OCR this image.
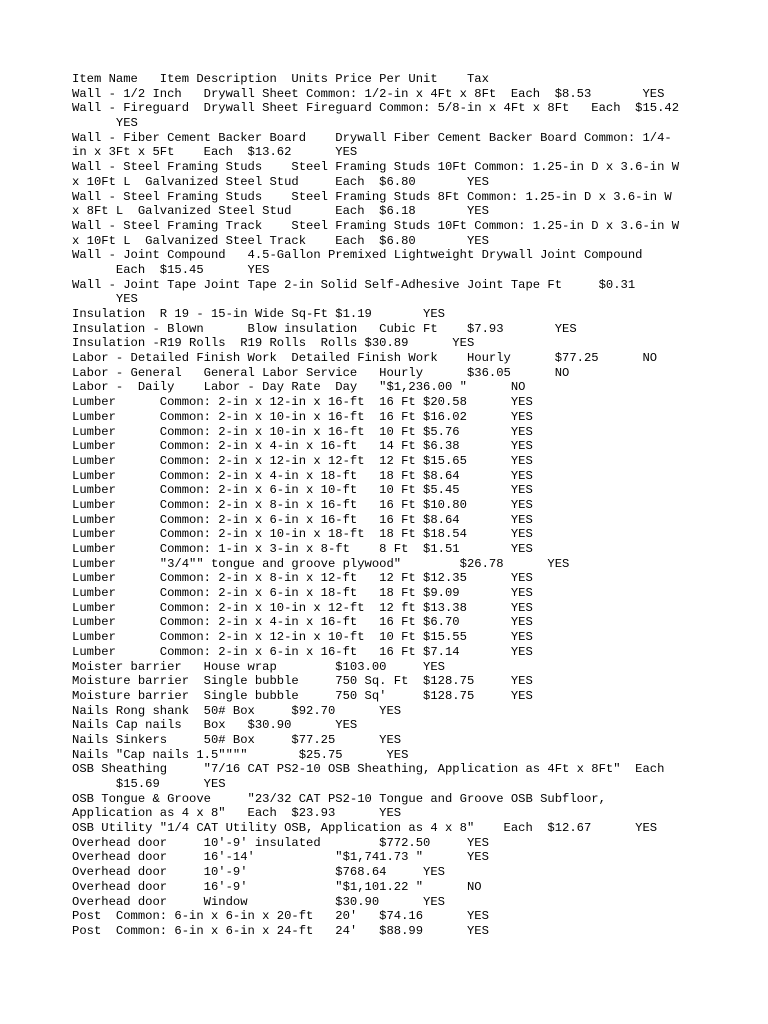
Item Name   Item Description  Units Price Per Unit    Tax
Wall - 1/2 Inch   Drywall Sheet Common: 1/2-in x 4Ft x 8Ft  Each  $8.53       YES
Wall - Fireguard  Drywall Sheet Fireguard Common: 5/8-in x 4Ft x 8Ft   Each  $15.42
YES
Wall - Fiber Cement Backer Board    Drywall Fiber Cement Backer Board Common: 1/4-
in x 3Ft x 5Ft    Each  $13.62      YES
Wall - Steel Framing Studs    Steel Framing Studs 10Ft Common: 1.25-in D x 3.6-in W
x 10Ft L  Galvanized Steel Stud     Each  $6.80       YES
Wall - Steel Framing Studs    Steel Framing Studs 8Ft Common: 1.25-in D x 3.6-in W
x 8Ft L  Galvanized Steel Stud      Each  $6.18       YES
Wall - Steel Framing Track    Steel Framing Studs 10Ft Common: 1.25-in D x 3.6-in W
x 10Ft L  Galvanized Steel Track    Each  $6.80       YES
Wall - Joint Compound   4.5-Gallon Premixed Lightweight Drywall Joint Compound
Each  $15.45      YES
Wall - Joint Tape Joint Tape 2-in Solid Self-Adhesive Joint Tape Ft     $0.31
YES
Insulation  R 19 - 15-in Wide Sq-Ft $1.19       YES
Insulation - Blown      Blow insulation   Cubic Ft    $7.93       YES
Insulation -R19 Rolls  R19 Rolls  Rolls $30.89      YES
Labor - Detailed Finish Work  Detailed Finish Work    Hourly      $77.25      NO
Labor - General   General Labor Service   Hourly      $36.05      NO
Labor -  Daily    Labor - Day Rate  Day   "$1,236.00 "      NO
Lumber      Common: 2-in x 12-in x 16-ft  16 Ft $20.58      YES
Lumber      Common: 2-in x 10-in x 16-ft  16 Ft $16.02      YES
Lumber      Common: 2-in x 10-in x 16-ft  10 Ft $5.76       YES
Lumber      Common: 2-in x 4-in x 16-ft   14 Ft $6.38       YES
Lumber      Common: 2-in x 12-in x 12-ft  12 Ft $15.65      YES
Lumber      Common: 2-in x 4-in x 18-ft   18 Ft $8.64       YES
Lumber      Common: 2-in x 6-in x 10-ft   10 Ft $5.45       YES
Lumber      Common: 2-in x 8-in x 16-ft   16 Ft $10.80      YES
Lumber      Common: 2-in x 6-in x 16-ft   16 Ft $8.64       YES
Lumber      Common: 2-in x 10-in x 18-ft  18 Ft $18.54      YES
Lumber      Common: 1-in x 3-in x 8-ft    8 Ft  $1.51       YES
Lumber      "3/4"" tongue and groove plywood"        $26.78      YES
Lumber      Common: 2-in x 8-in x 12-ft   12 Ft $12.35      YES
Lumber      Common: 2-in x 6-in x 18-ft   18 Ft $9.09       YES
Lumber      Common: 2-in x 10-in x 12-ft  12 ft $13.38      YES
Lumber      Common: 2-in x 4-in x 16-ft   16 Ft $6.70       YES
Lumber      Common: 2-in x 12-in x 10-ft  10 Ft $15.55      YES
Lumber      Common: 2-in x 6-in x 16-ft   16 Ft $7.14       YES
Moister barrier   House wrap        $103.00     YES
Moisture barrier  Single bubble     750 Sq. Ft  $128.75     YES
Moisture barrier  Single bubble     750 Sq'     $128.75     YES
Nails Rong shank  50# Box     $92.70      YES
Nails Cap nails   Box   $30.90      YES
Nails Sinkers     50# Box     $77.25      YES
Nails "Cap nails 1.5""""       $25.75      YES
OSB Sheathing     "7/16 CAT PS2-10 OSB Sheathing, Application as 4Ft x 8Ft"  Each
$15.69      YES
OSB Tongue & Groove     "23/32 CAT PS2-10 Tongue and Groove OSB Subfloor,
Application as 4 x 8"   Each  $23.93      YES
OSB Utility "1/4 CAT Utility OSB, Application as 4 x 8"    Each  $12.67      YES
Overhead door     10'-9' insulated        $772.50     YES
Overhead door     16'-14'           "$1,741.73 "      YES
Overhead door     10'-9'            $768.64     YES
Overhead door     16'-9'            "$1,101.22 "      NO
Overhead door     Window            $30.90      YES
Post  Common: 6-in x 6-in x 20-ft   20'   $74.16      YES
Post  Common: 6-in x 6-in x 24-ft   24'   $88.99      YES
